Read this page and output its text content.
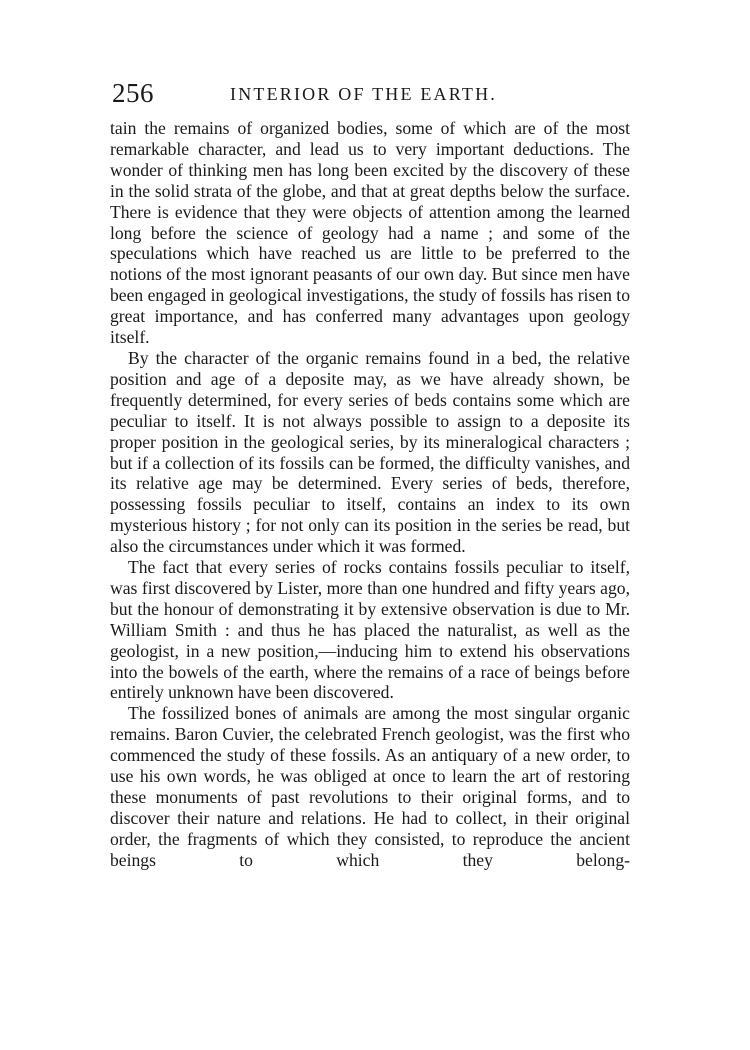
256	INTERIOR OF THE EARTH.

tain the remains of organized bodies, some of which are of the most remarkable character, and lead us to very important deductions. The wonder of thinking men has long been excited by the discovery of these in the solid strata of the globe, and that at great depths below the surface. There is evidence that they were objects of attention among the learned long before the science of geology had a name ; and some of the speculations which have reached us are little to be preferred to the notions of the most ignorant peasants of our own day. But since men have been engaged in geological investigations, the study of fossils has risen to great importance, and has conferred many advantages upon geology itself.

By the character of the organic remains found in a bed, the relative position and age of a deposite may, as we have already shown, be frequently determined, for every series of beds contains some which are peculiar to itself. It is not always possible to assign to a deposite its proper position in the geological series, by its mineralogical characters ; but if a collection of its fossils can be formed, the difficulty vanishes, and its relative age may be determined. Every series of beds, therefore, possessing fossils peculiar to itself, contains an index to its own mysterious history ; for not only can its position in the series be read, but also the circumstances under which it was formed.

The fact that every series of rocks contains fossils peculiar to itself, was first discovered by Lister, more than one hundred and fifty years ago, but the honour of demonstrating it by extensive observation is due to Mr. William Smith : and thus he has placed the naturalist, as well as the geologist, in a new position,—inducing him to extend his observations into the bowels of the earth, where the remains of a race of beings before entirely unknown have been discovered.

The fossilized bones of animals are among the most singular organic remains. Baron Cuvier, the celebrated French geologist, was the first who commenced the study of these fossils. As an antiquary of a new order, to use his own words, he was obliged at once to learn the art of restoring these monuments of past revolutions to their original forms, and to discover their nature and relations. He had to collect, in their original order, the fragments of which they consisted, to reproduce the ancient beings to which they belong-
